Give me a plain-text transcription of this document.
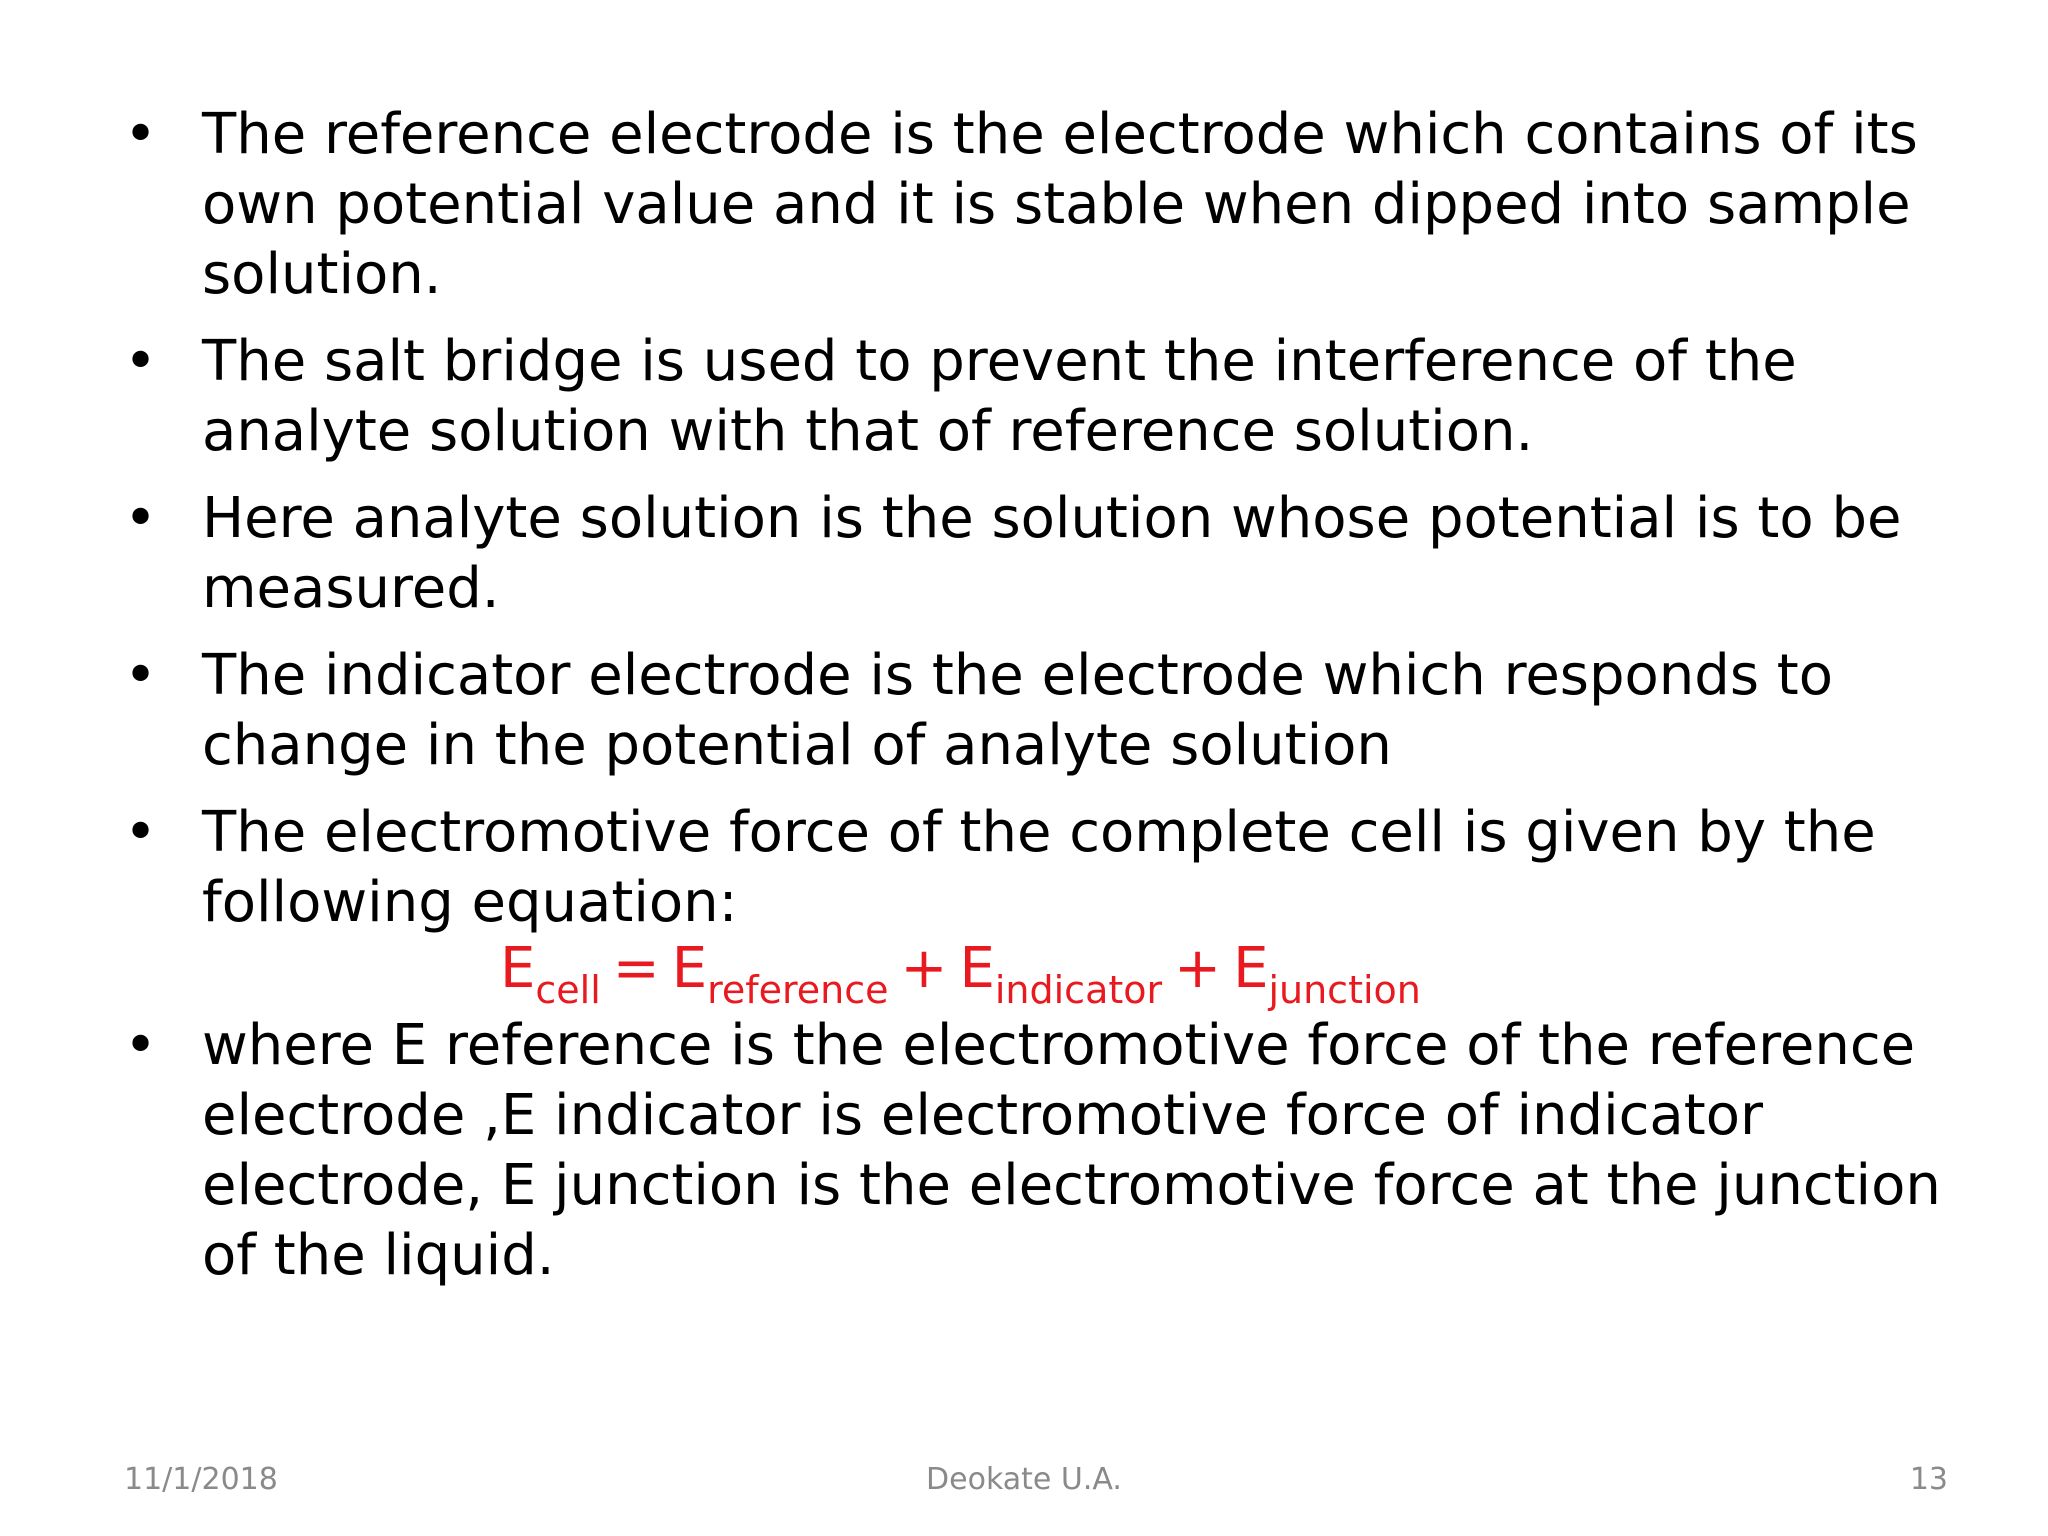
• The reference electrode is the electrode which contains of its own potential value and it is stable when dipped into sample solution.
• The salt bridge is used to prevent the interference of the analyte solution with that of reference solution.
• Here analyte solution is the solution whose potential is to be measured.
• The indicator electrode is the electrode which responds to change in the potential of analyte solution
• The electromotive force of the complete cell is given by the following equation:
$E_{cell} = E_{reference} + E_{indicator} + E_{junction}$
• where E reference is the electromotive force of the reference electrode ,E indicator is electromotive force of indicator electrode, E junction is the electromotive force at the junction of the liquid.
11/1/2018	Deokate U.A.	13
